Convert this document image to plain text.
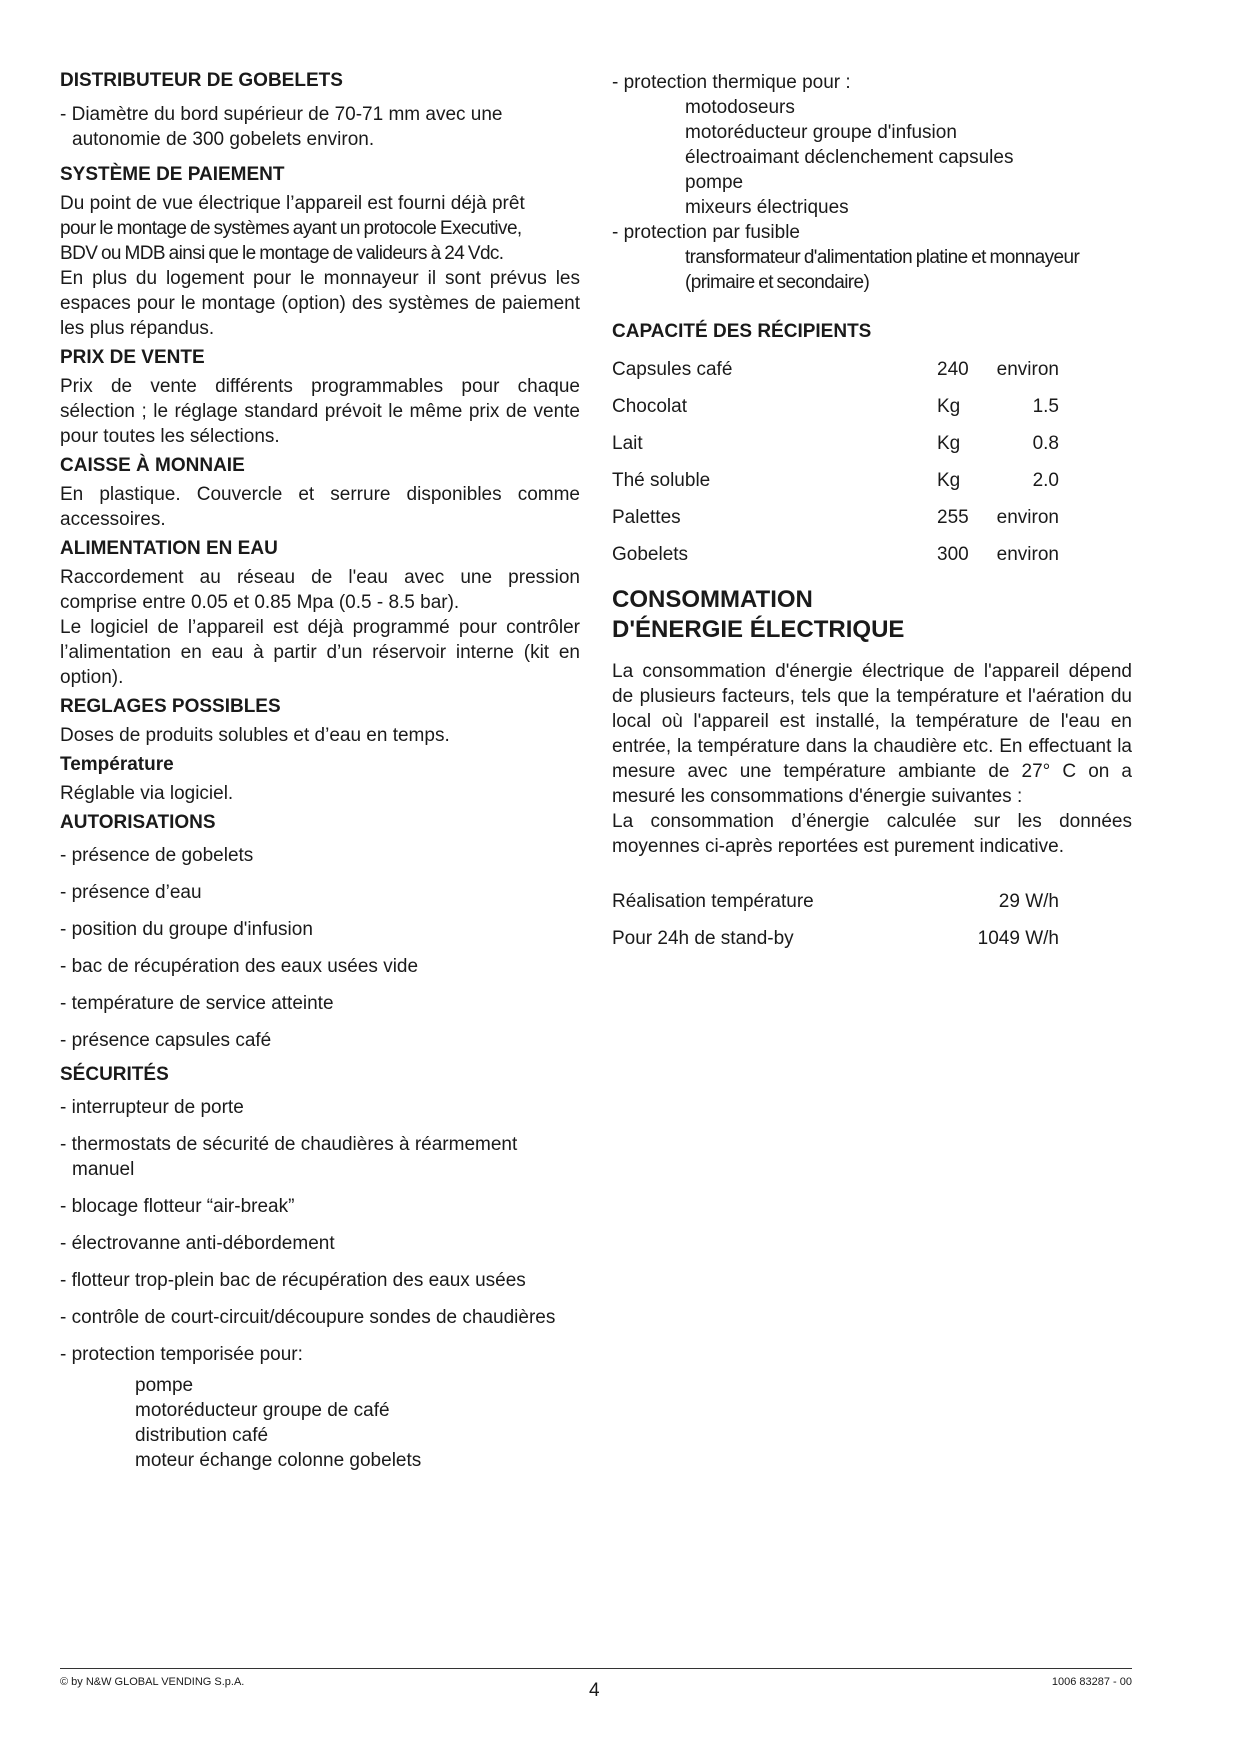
DISTRIBUTEUR DE GOBELETS

- Diamètre du bord supérieur de 70-71 mm avec une autonomie de 300 gobelets environ.

SYSTÈME DE PAIEMENT

Du point de vue électrique l’appareil est fourni déjà prêt

pour le montage de systèmes ayant un protocole Executive,

BDV ou MDB ainsi que le montage de valideurs à 24 Vdc.

En plus du logement pour le monnayeur il sont prévus les espaces pour le montage (option) des systèmes de paiement les plus répandus.

PRIX DE VENTE

Prix de vente différents programmables pour chaque sélection ; le réglage standard prévoit le même prix de vente pour toutes les sélections.

CAISSE À MONNAIE

En plastique. Couvercle et serrure disponibles comme accessoires.

ALIMENTATION EN EAU

Raccordement au réseau de l'eau avec une pression comprise entre 0.05 et 0.85 Mpa (0.5 - 8.5 bar).

Le logiciel de l’appareil est déjà programmé pour contrôler l’alimentation en eau à partir d’un réservoir interne (kit en option).

REGLAGES POSSIBLES

Doses de produits solubles et d’eau en temps.

Température

Réglable via logiciel.

AUTORISATIONS

- présence de gobelets

- présence d’eau

- position du groupe d'infusion

- bac de récupération des eaux usées vide

- température de service atteinte

- présence capsules café

SÉCURITÉS

- interrupteur de porte

- thermostats de sécurité de chaudières à réarmement manuel

- blocage flotteur “air-break”

- électrovanne anti-débordement

- flotteur trop-plein bac de récupération des eaux usées

- contrôle de court-circuit/découpure sondes de chaudières

- protection temporisée pour:

pompe

motoréducteur groupe de café

distribution café

moteur échange colonne gobelets

- protection thermique pour :

motodoseurs

motoréducteur groupe d'infusion

électroaimant déclenchement capsules

pompe

mixeurs électriques

- protection par fusible

transformateur d'alimentation platine et monnayeur (primaire et secondaire)

CAPACITÉ DES RÉCIPIENTS
Capsules café	240	environ
Chocolat	Kg	1.5
Lait	Kg	0.8
Thé soluble	Kg	2.0
Palettes	255	environ
Gobelets	300	environ
CONSOMMATION
D'ÉNERGIE ÉLECTRIQUE

La consommation d'énergie électrique de l'appareil dépend de plusieurs facteurs, tels que la température et l'aération du local où l'appareil est installé, la température de l'eau en entrée, la température dans la chaudière etc. En effectuant la mesure avec une température ambiante de 27° C on a mesuré les consommations d'énergie suivantes :

La consommation d’énergie calculée sur les données moyennes ci-après reportées est purement indicative.

Réalisation température	29 W/h
Pour 24h de stand-by	1049 W/h
© by N&W GLOBAL VENDING S.p.A.	4	1006 83287 - 00
